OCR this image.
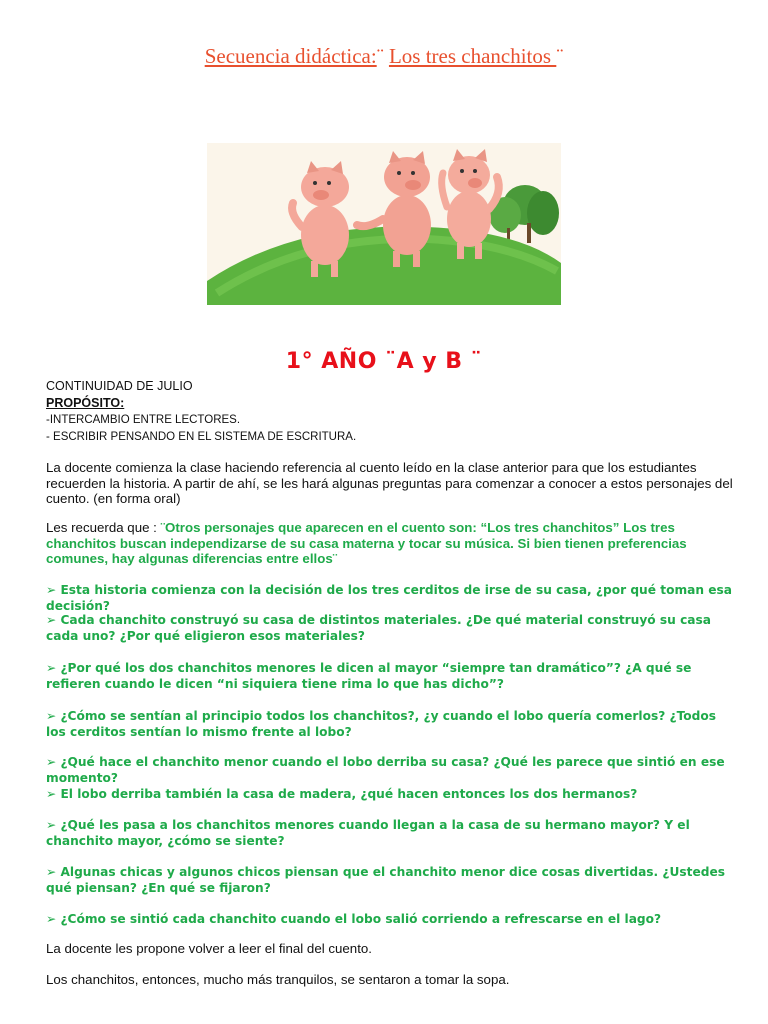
Secuencia didáctica:¨ Los tres chanchitos ¨
1° AÑO ¨A y B ¨
CONTINUIDAD DE JULIO
PROPÓSITO:
-INTERCAMBIO ENTRE LECTORES.
- ESCRIBIR PENSANDO EN EL SISTEMA DE ESCRITURA.
La docente comienza la clase haciendo referencia al cuento leído en la clase anterior para que los estudiantes recuerden la historia. A partir de ahí, se les hará algunas preguntas para comenzar a conocer a estos personajes del cuento. (en forma oral)
Les recuerda que : ¨Otros personajes que aparecen en el cuento son: “Los tres chanchitos” Los tres chanchitos buscan independizarse de su casa materna y tocar su música. Si bien tienen preferencias comunes, hay algunas diferencias entre ellos¨
➢ Esta historia comienza con la decisión de los tres cerditos de irse de su casa, ¿por qué toman esa decisión?
➢ Cada chanchito construyó su casa de distintos materiales. ¿De qué material construyó su casa cada uno? ¿Por qué eligieron esos materiales?
➢ ¿Por qué los dos chanchitos menores le dicen al mayor “siempre tan dramático”? ¿A qué se refieren cuando le dicen “ni siquiera tiene rima lo que has dicho”?
➢ ¿Cómo se sentían al principio todos los chanchitos?, ¿y cuando el lobo quería comerlos? ¿Todos los cerditos sentían lo mismo frente al lobo?
➢ ¿Qué hace el chanchito menor cuando el lobo derriba su casa? ¿Qué les parece que sintió en ese momento?
➢ El lobo derriba también la casa de madera, ¿qué hacen entonces los dos hermanos?
➢ ¿Qué les pasa a los chanchitos menores cuando llegan a la casa de su hermano mayor? Y el chanchito mayor, ¿cómo se siente?
➢ Algunas chicas y algunos chicos piensan que el chanchito menor dice cosas divertidas. ¿Ustedes qué piensan? ¿En qué se fijaron?
➢ ¿Cómo se sintió cada chanchito cuando el lobo salió corriendo a refrescarse en el lago?
La docente les propone volver a leer el final del cuento.
Los chanchitos, entonces, mucho más tranquilos, se sentaron a tomar la sopa.
